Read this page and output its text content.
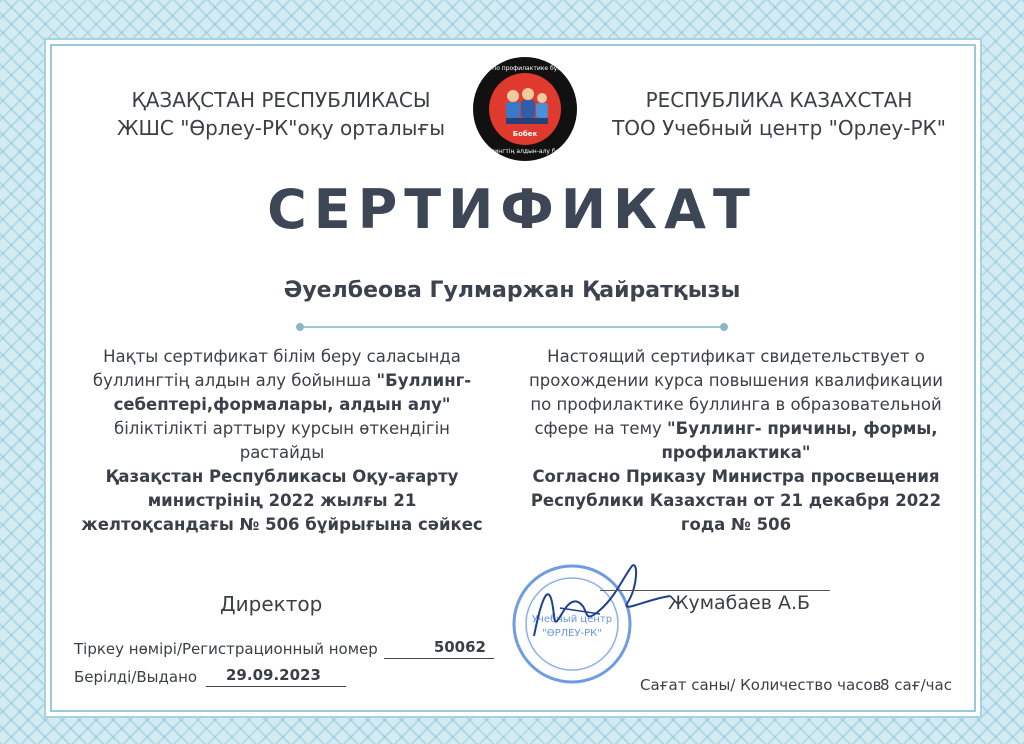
ҚАЗАҚСТАН РЕСПУБЛИКАСЫ
ЖШС "Өрлеу-РК"оқу орталығы	Бобек
Отдел по профилактике буллинга
Буллингтің алдын-алу бөлімі
РЕСПУБЛИКА КАЗАХСТАН
ТОО Учебный центр "Орлеу-РК"
СЕРТИФИКАТ
Әуелбеова Гулмаржан Қайратқызы
Нақты сертификат білім беру саласында
буллингтің алдын алу бойынша "Буллинг-
себептері,формалары, алдын алу"
біліктілікті арттыру курсын өткендігін
растайды
Қазақстан Республикасы Оқу-ағарту
министрінің 2022 жылғы 21
желтоқсандағы № 506 бұйрығына сәйкес
Настоящий сертификат свидетельствует о
прохождении курса повышения квалификации
по профилактике буллинга в образовательной
сфере на тему "Буллинг- причины, формы,
профилактика"
Согласно Приказу Министра просвещения
Республики Казахстан от 21 декабря 2022
года № 506
Директор
Учебный центр
"ӨРЛЕУ-РК"
Жумабаев А.Б
Тіркеу нөмірі/Регистрационный номер	50062
Берілді/Выдано 29.09.2023
Сағат саны/ Количество часов
8 сағ/час
